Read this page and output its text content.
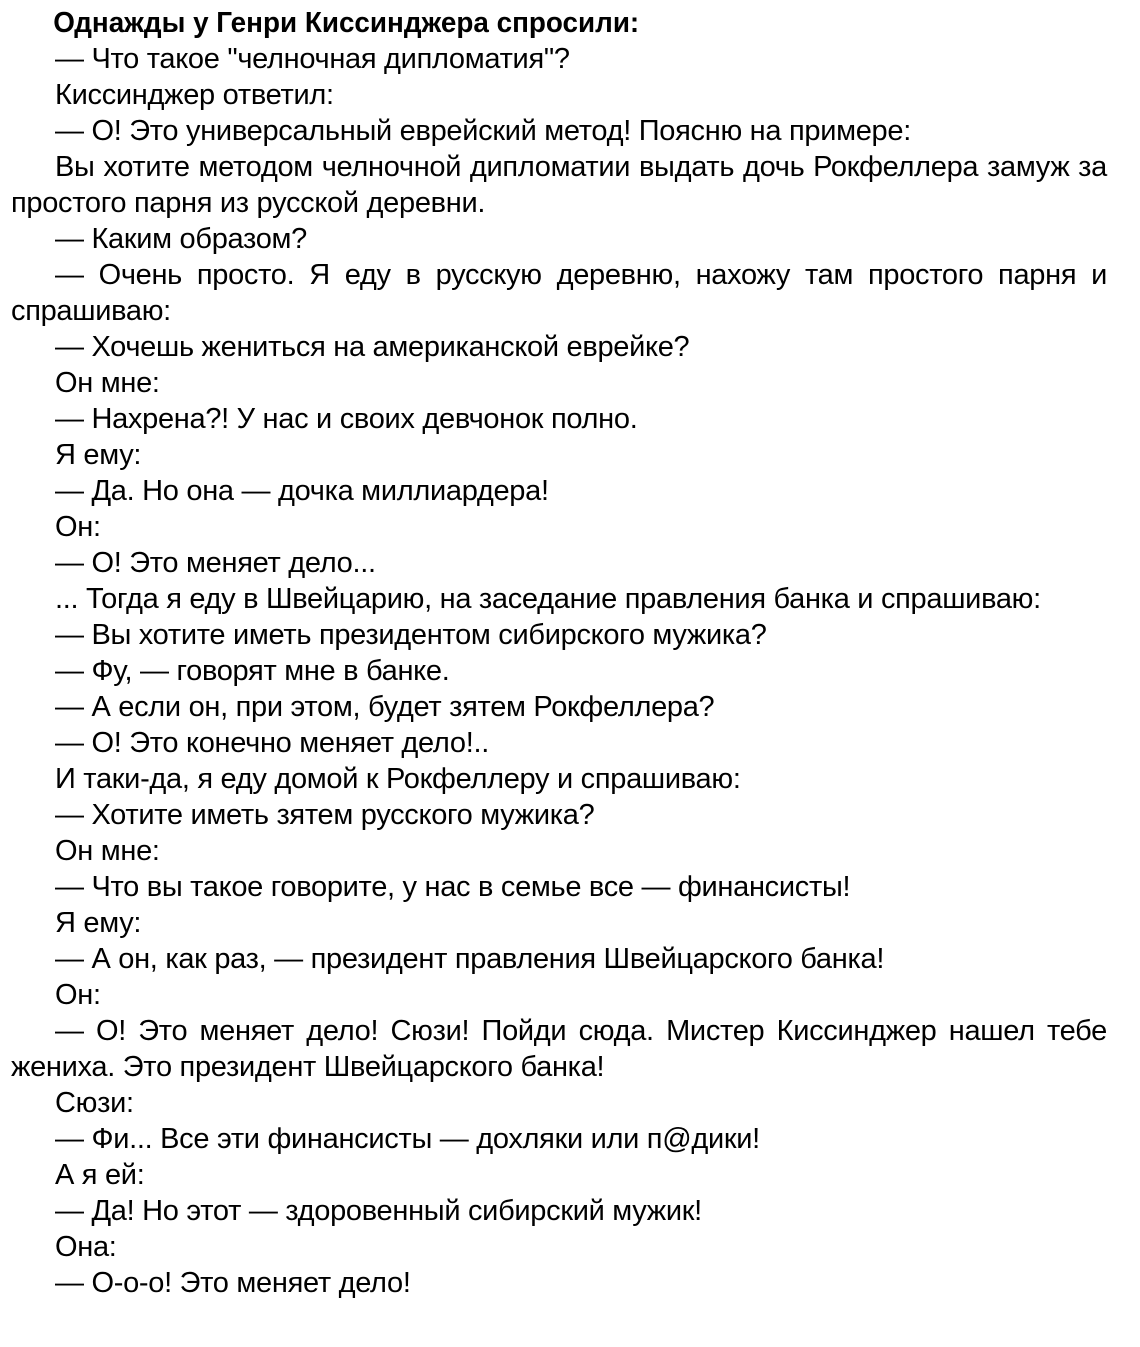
Однажды у Генри Киссинджера спросили:

— Что такое "челночная дипломатия"?

Киссинджер ответил:

— О! Это универсальный еврейский метод! Поясню на примере:

Вы хотите методом челночной дипломатии выдать дочь Рокфеллера замуж за простого парня из русской деревни.

— Каким образом?

— Очень просто. Я еду в русскую деревню, нахожу там простого парня и спрашиваю:

— Хочешь жениться на американской еврейке?

Он мне:

— Нахрена?! У нас и своих девчонок полно.

Я ему:

— Да. Но она — дочка миллиардера!

Он:

— О! Это меняет дело...

... Тогда я еду в Швейцарию, на заседание правления банка и спрашиваю:

— Вы хотите иметь президентом сибирского мужика?

— Фу, — говорят мне в банке.

— А если он, при этом, будет зятем Рокфеллера?

— О! Это конечно меняет дело!..

И таки-да, я еду домой к Рокфеллеру и спрашиваю:

— Хотите иметь зятем русского мужика?

Он мне:

— Что вы такое говорите, у нас в семье все — финансисты!

Я ему:

— А он, как раз, — президент правления Швейцарского банка!

Он:

— О! Это меняет дело! Сюзи! Пойди сюда. Мистер Киссинджер нашел тебе жениха. Это президент Швейцарского банка!

Сюзи:

— Фи... Все эти финансисты — дохляки или п@дики!

А я ей:

— Да! Но этот — здоровенный сибирский мужик!

Она:

— О-о-о! Это меняет дело!
